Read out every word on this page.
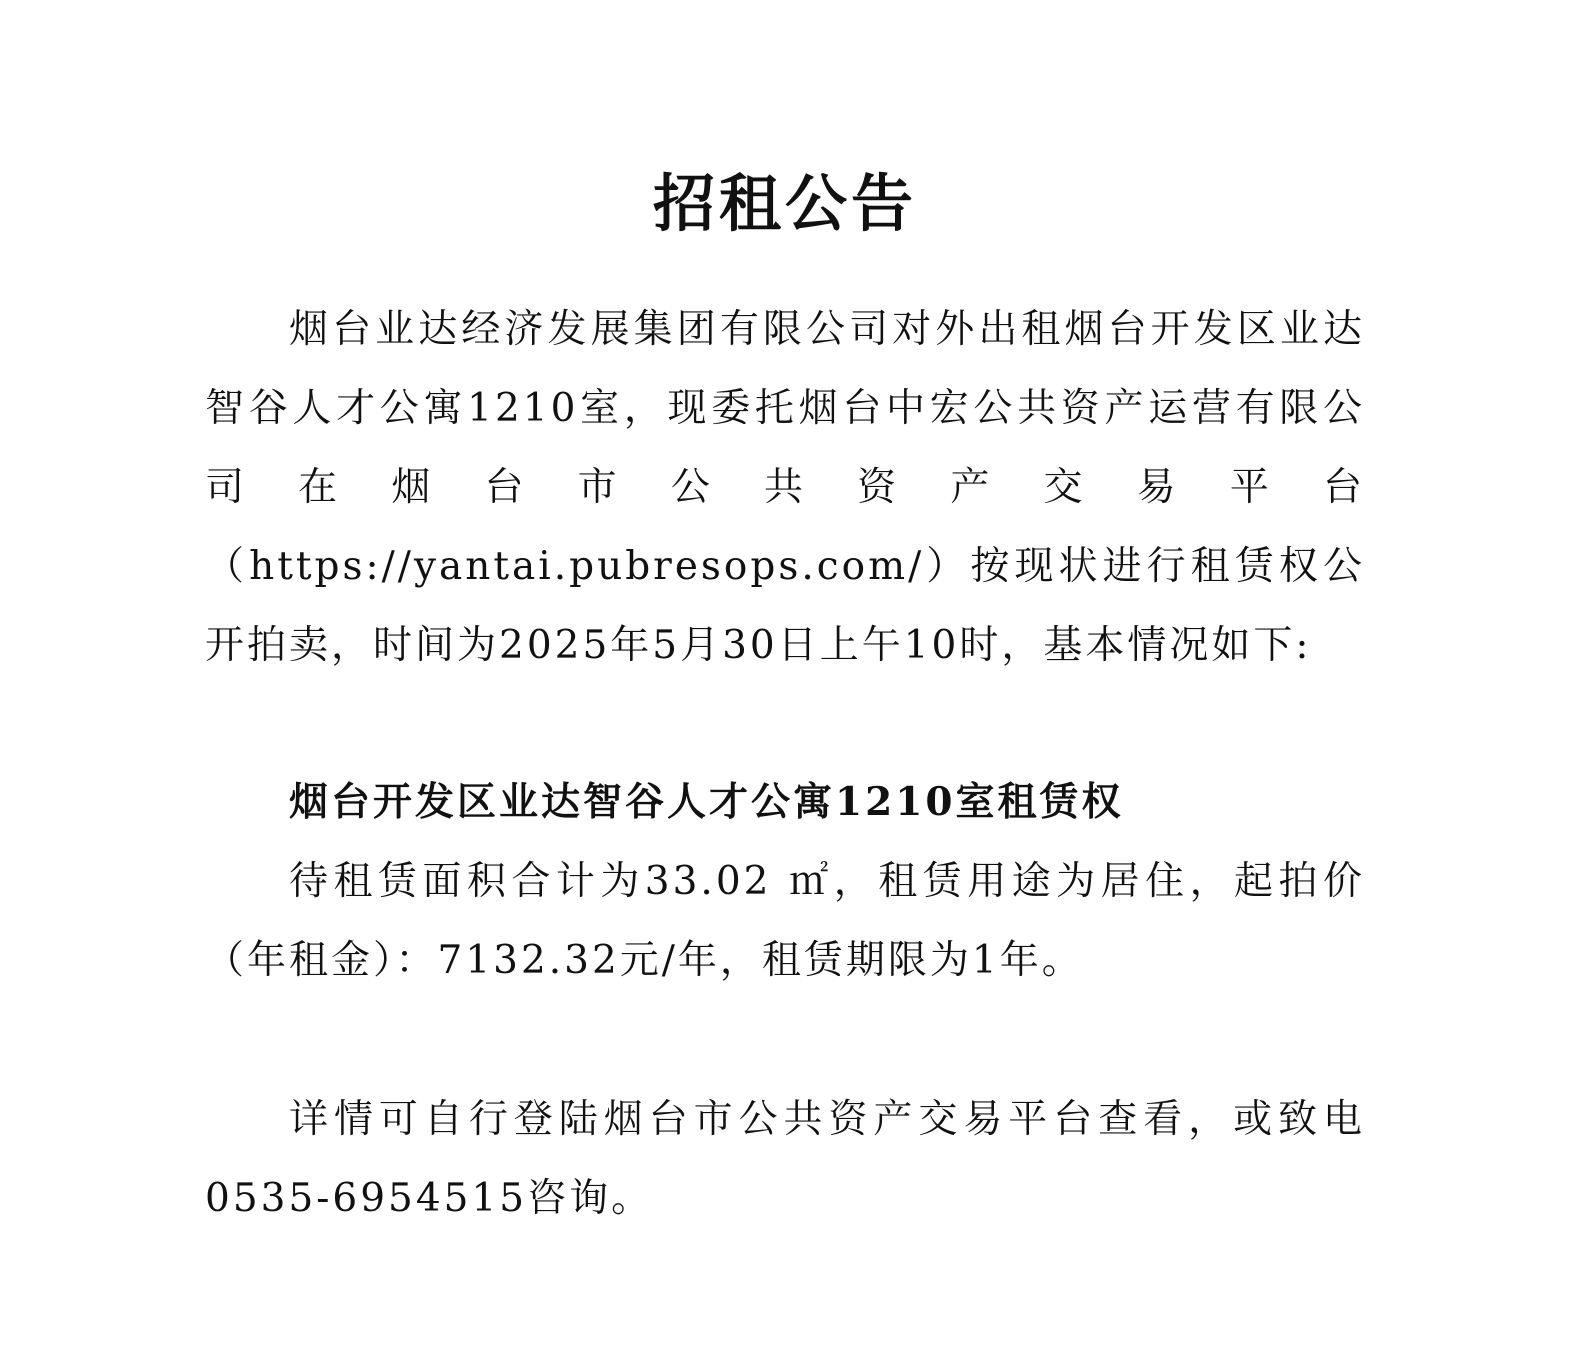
招租公告

烟台业达经济发展集团有限公司对外出租烟台开发区业达智谷人才公寓1210室，现委托烟台中宏公共资产运营有限公司在烟台市公共资产交易平台（https://yantai.pubresops.com/）按现状进行租赁权公开拍卖，时间为2025年5月30日上午10时，基本情况如下:

烟台开发区业达智谷人才公寓1210室租赁权

待租赁面积合计为33.02 ㎡，租赁用途为居住，起拍价（年租金）：7132.32元/年，租赁期限为1年。

详情可自行登陆烟台市公共资产交易平台查看，或致电0535-6954515咨询。
